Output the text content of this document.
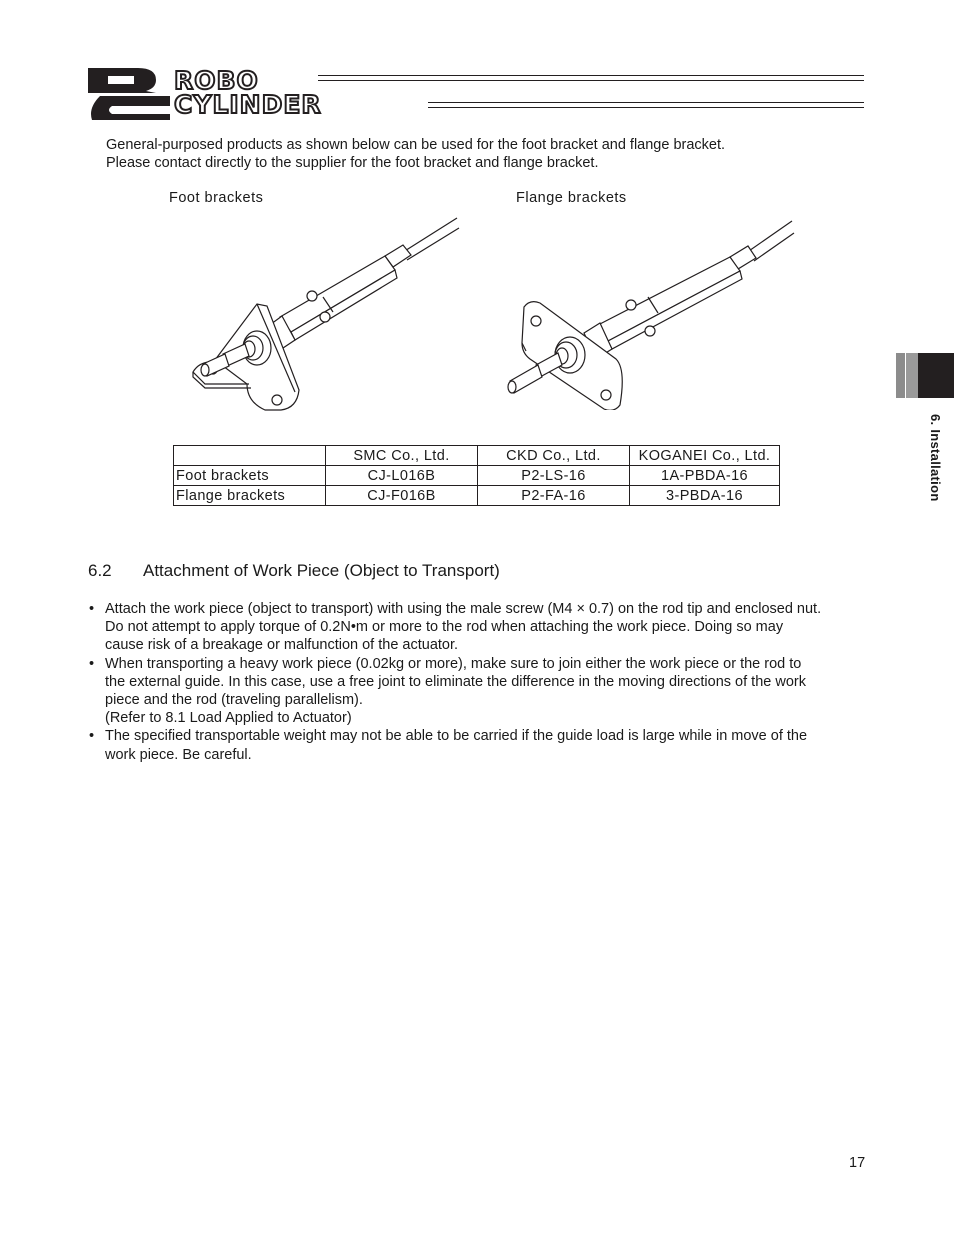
ROBO
CYLINDER
General-purposed products as shown below can be used for the foot bracket and flange bracket.
Please contact directly to the supplier for the foot bracket and flange bracket.
Foot brackets	Flange brackets
	SMC Co., Ltd.	CKD Co., Ltd.	KOGANEI Co., Ltd.
Foot brackets	CJ-L016B	P2-LS-16	1A-PBDA-16
Flange brackets	CJ-F016B	P2-FA-16	3-PBDA-16
6.2 Attachment of Work Piece (Object to Transport)
• Attach the work piece (object to transport) with using the male screw (M4 × 0.7) on the rod tip and enclosed nut.
Do not attempt to apply torque of 0.2N•m or more to the rod when attaching the work piece. Doing so may
cause risk of a breakage or malfunction of the actuator.
• When transporting a heavy work piece (0.02kg or more), make sure to join either the work piece or the rod to
the external guide. In this case, use a free joint to eliminate the difference in the moving directions of the work
piece and the rod (traveling parallelism).
(Refer to 8.1 Load Applied to Actuator)
• The specified transportable weight may not be able to be carried if the guide load is large while in move of the
work piece. Be careful.
6. Installation
17
